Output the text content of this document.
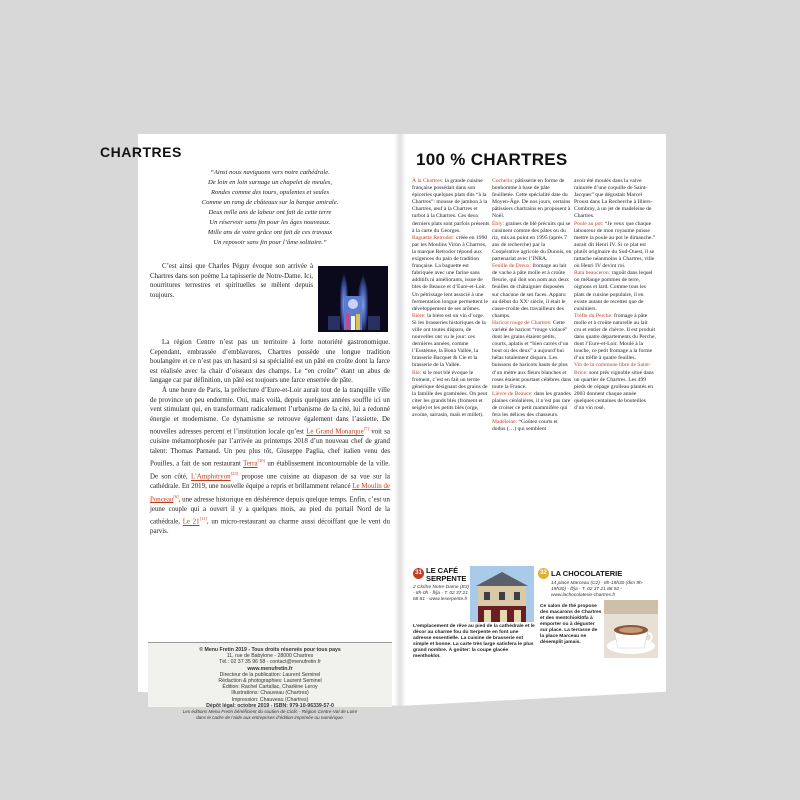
CHARTRES
“Ainsi nous naviguons vers notre cathédrale.
De loin en loin surnage un chapelet de meules,
Rondes comme des tours, opulentes et seules
Comme un rang de châteaux sur la barque amirale.
Deux mille ans de labeur ont fait de cette terre
Un réservoir sans fin pour les âges nouveaux.
Mille ans de votre grâce ont fait de ces travaux
Un reposoir sans fin pour l’âme solitaire.”
C’est ainsi que Charles Péguy évoque son arrivée à Chartres dans son poème La tapisserie de Notre-Dame. Ici, nourritures terrestres et spirituelles se mêlent depuis toujours.

La région Centre n’est pas un territoire à forte notoriété gastronomique. Cependant, embrassée d’emblavures, Chartres possède une longue tradition boulangère et ce n’est pas un hasard si sa spécialité est un pâté en croûte dont la farce est réalisée avec la chair d’oiseaux des champs. Le “en croûte” étant un abus de langage car par définition, un pâté est toujours une farce enserrée de pâte.

À une heure de Paris, la préfecture d’Eure-et-Loir aurait tout de la tranquille ville de province un peu endormie. Oui, mais voilà, depuis quelques années souffle ici un vent stimulant qui, en transformant radicalement l’urbanisme de la cité, lui a redonné énergie et modernisme. Ce dynamisme se retrouve également dans l’assiette. De nouvelles adresses percent et l’institution locale qu’est Le Grand Monarque[7] voit sa cuisine métamorphosée par l’arrivée au printemps 2018 d’un nouveau chef de grand talent: Thomas Parnaud. Un peu plus tôt, Giuseppe Paglia, chef italien venu des Pouilles, a fait de son restaurant Terra[10] un établissement incontournable de la ville. De son côté, L’Amphitryon[23] propose une cuisine au diapason de sa vue sur la cathédrale. En 2019, une nouvelle équipe a repris et brillamment relancé Le Moulin de Ponceau[6], une adresse historique en déshérence depuis quelque temps. Enfin, c’est un jeune couple qui a ouvert il y a quelques mois, au pied du portail Nord de la cathédrale, Le 21[11], un micro-restaurant au charme aussi décoiffant que le vent du parvis.

© Menu Fretin 2019 - Tous droits réservés pour tous pays
11, rue de Babylone - 28000 Chartres
Tél.: 02 37 35 96 58 - contact@menufretin.fr
www.menufretin.fr
Directeur de la publication: Laurent Seminel
Rédaction & photographies: Laurent Seminel
Édition: Rachel Cartallac, Charlène Leroy
Illustrations: Chauveau (Chartres)
Impression: Chauveau (Chartres)
Dépôt légal: octobre 2019 - ISBN: 979-10-96339-57-0
Les éditions Menu Fretin bénéficient du soutien de Ciclic - Région Centre-Val de Loire
dans le cadre de l’aide aux entreprises d’édition imprimée ou numérique.
100 % CHARTRES

À la Chartres: la grande cuisine française possédait dans son épiceries quelques plats dits “à la Chartres”: mousse de jambon à la Chartres, œuf à la Chartres et turbot à la Chartres. Ces deux derniers plats sont parfois présents à la carte du Georges.

Baguette Retrodor: créée en 1990 par les Moulins Viron à Chartres, la marque Retrodor répond aux exigences du pain de tradition française. La baguette est fabriquée avec une farine sans additifs ni améliorants, issue de blés de Beauce et d’Eure-et-Loir. Un pétrissage lent associé à une fermentation longue permettent le développement de ses arômes.

Bière: la bière est un vin d’orge. Si les brasseries historiques de la ville ont toutes disparu, de nouvelles ont vu le jour: ces dernières années, comme l’Eustènne, la Bona Vallée, la brasserie Bacquet & Cie et la brasserie de la Vallée.

Blé: si le mot blé évoque le froment, c’est en fait un terme générique désignant des grains de la famille des graminées. On peut citer les grands blés (froment et seigle) et les petits blés (orge, avoine, sarrasin, maïs et millet).

Cochelin: pâtisserie en forme de bonhomme à base de pâte feuilletée. Cette spécialité date du Moyen-Âge. De nos jours, certains pâtissiers chartrains en proposent à Noël.

Ébly: graines de blé précuits qui se cuisinent comme des pâtes ou du riz, mis au point en 1995 (après 7 ans de recherche) par la Coopérative agricole du Dunois, en partenariat avec l’INRA.

Feuille de Dreux: fromage au lait de vache à pâte molle et à croûte fleurie, qui doit son nom aux deux feuilles de châtaignier disposées sur chacune de ses faces. Apparu au début du XXᵉ siècle, il était le casse-croûte des travailleurs des champs.

Haricot rouge de Chartres: Cette variété de haricot “rouge violacé” dont les grains étaient petits, courts, aplatis et “bien carrés d’un bout ou des deux” a aujourd’hui hélas totalement disparu. Les buissons de haricots hauts de plus d’un mètre aux fleurs blanches et roses étaient pourtant célèbres dans toute la France.

Lièvre de Beauce: dans les grandes plaines céréalières, il n’est pas rare de croiser ce petit mammifère qui fera les délices des chasseurs.

Madéleine: “Goûtez courts et dodus (…) qui semblent

avoir été moulés dans la valve rainurée d’une coquille de Saint-Jacques” que dégustait Marcel Proust dans La Recherche à Illiers-Combray, à un jet de madeleine de Chartres.

Poule au pot: “Je veux que chaque laboureur de mon royaume puisse mettre la poule au pot le dimanche.” aurait dit Henri IV. Si ce plat est plutôt originaire du Sud-Ouest, il se rattache néanmoins à Chartres, ville où Henri IV devint roi.

Rata beauceron: ragoût dans lequel on mélange pommes de terre, oignons et lard. Comme tous les plats de cuisine populaire, il en existe autant de recettes que de cuisiniers.

Trèfle du Perche: fromage à pâte molle et à croûte naturelle au lait cru et entier de chèvre. Il est produit dans quatre départements du Perche, dont l’Eure-et-Loir. Moulé à la louche, ce petit fromage a la forme d’un trèfle à quatre feuilles.

Vin de la commune libre de Saint-Brice: sont prés vignoble situé dans un quartier de Chartres. Les 499 pieds de cépage grolleau plantés en 2003 donnent chaque année quelques centaines de bouteilles d’un vin rosé.

31 LE CAFÉ
SERPENTE
2 Cloître Notre-Dame (B3) - 8h-0h - fl/ja - T. 02 37 21 68 81 - www.leserpente.fr
L’emplacement de rêve au pied de la cathédrale et le décor au charme fou du Serpente en font une adresse essentielle. La cuisine de brasserie est simple et bonne. La carte très large satisfera le plus grand nombre. À goûter: la coupe glacée menthokloï.
32 LA CHOCOLATERIE
14 place Marceau (C2) - 8h-19h30 (dim 9h-19h30) - fl/ja - T. 02 37 21 86 92 - www.lachocolaterie-chartres.fr
Ce salon de thé propose des macarons de Chartres et des mentchioklöfa à emporter ou à déguster sur place. La terrasse de la place Marceau ne désemplit jamais.
